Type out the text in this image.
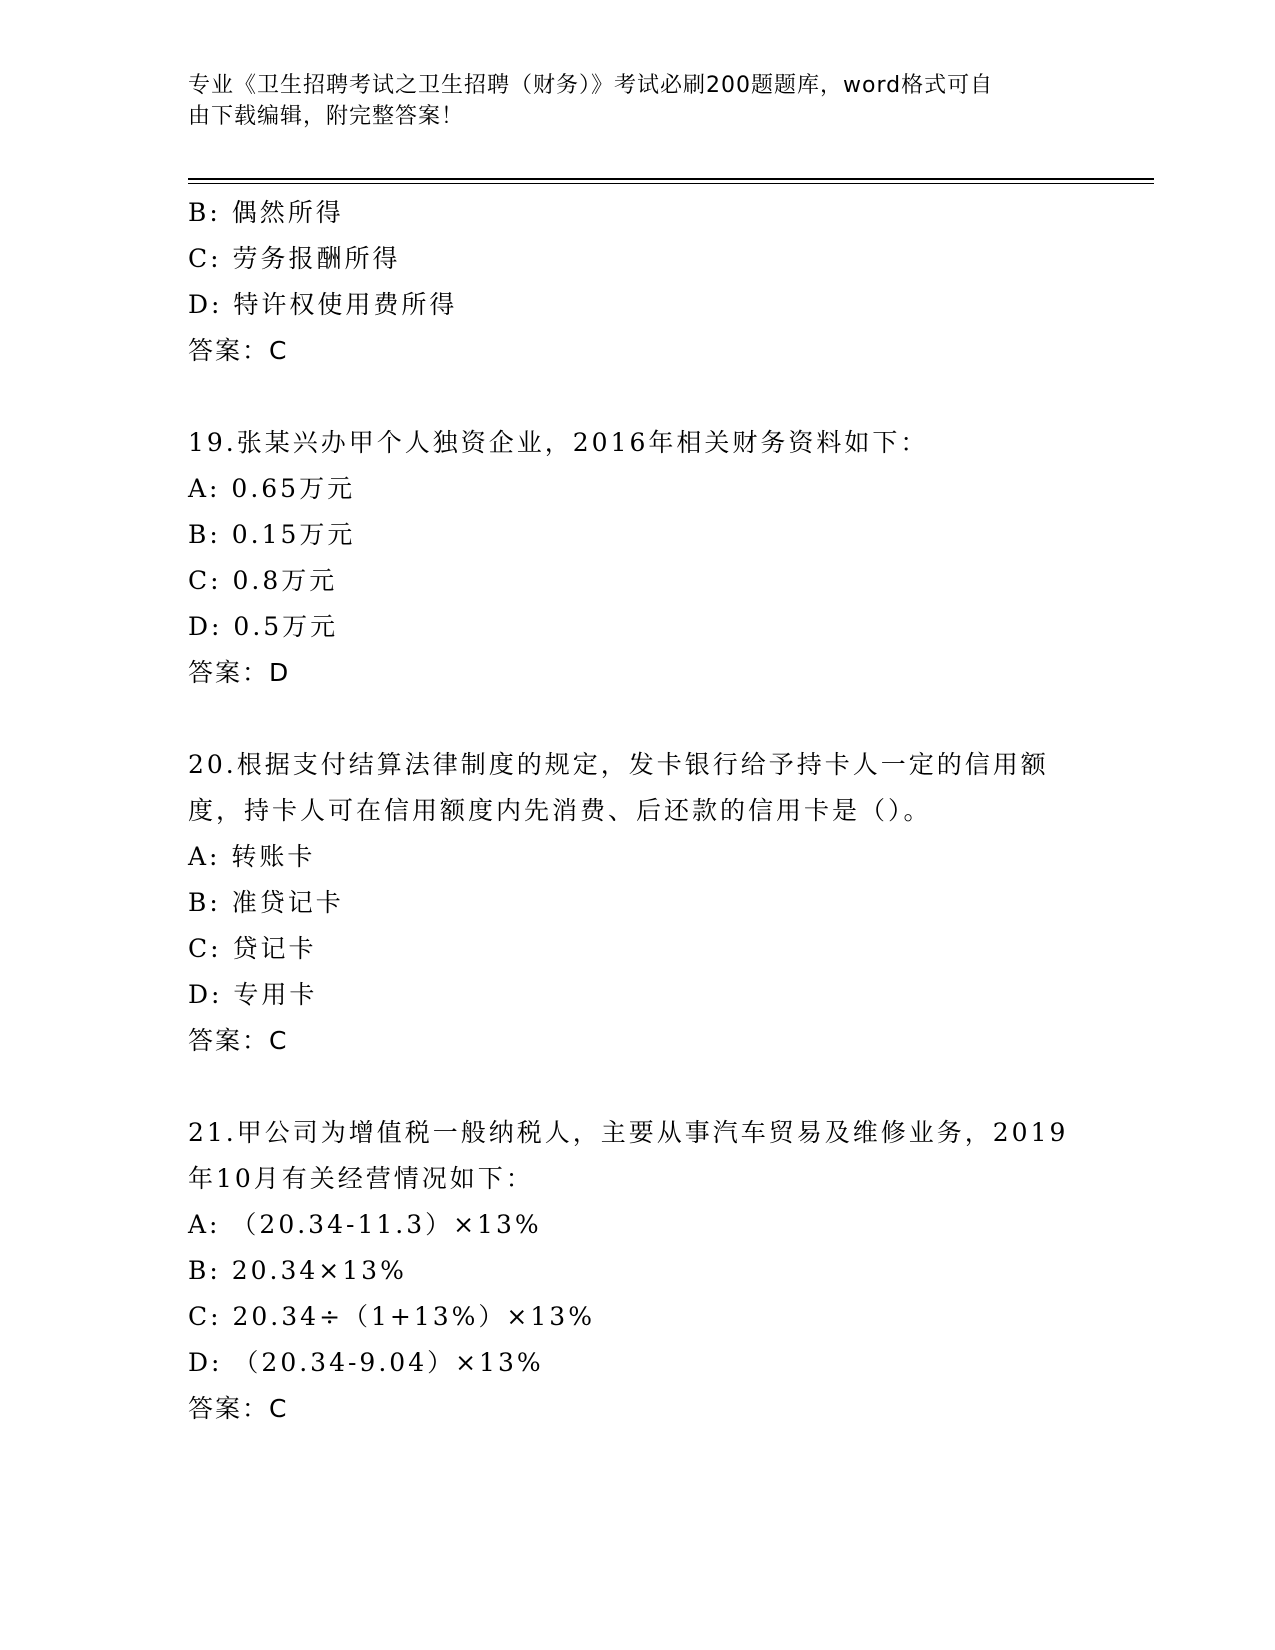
专业《卫生招聘考试之卫生招聘（财务）》考试必刷200题题库，word格式可自
由下载编辑，附完整答案！

B: 偶然所得

C: 劳务报酬所得

D: 特许权使用费所得

答案：C

19.张某兴办甲个人独资企业，2016年相关财务资料如下：

A: 0.65万元

B: 0.15万元

C: 0.8万元

D: 0.5万元

答案：D

20.根据支付结算法律制度的规定，发卡银行给予持卡人一定的信用额

度，持卡人可在信用额度内先消费、后还款的信用卡是（）。

A: 转账卡

B: 准贷记卡

C: 贷记卡

D: 专用卡

答案：C

21.甲公司为增值税一般纳税人，主要从事汽车贸易及维修业务，2019

年10月有关经营情况如下：

A: （20.34-11.3）×13%

B: 20.34×13%

C: 20.34÷（1+13%）×13%

D: （20.34-9.04）×13%

答案：C
